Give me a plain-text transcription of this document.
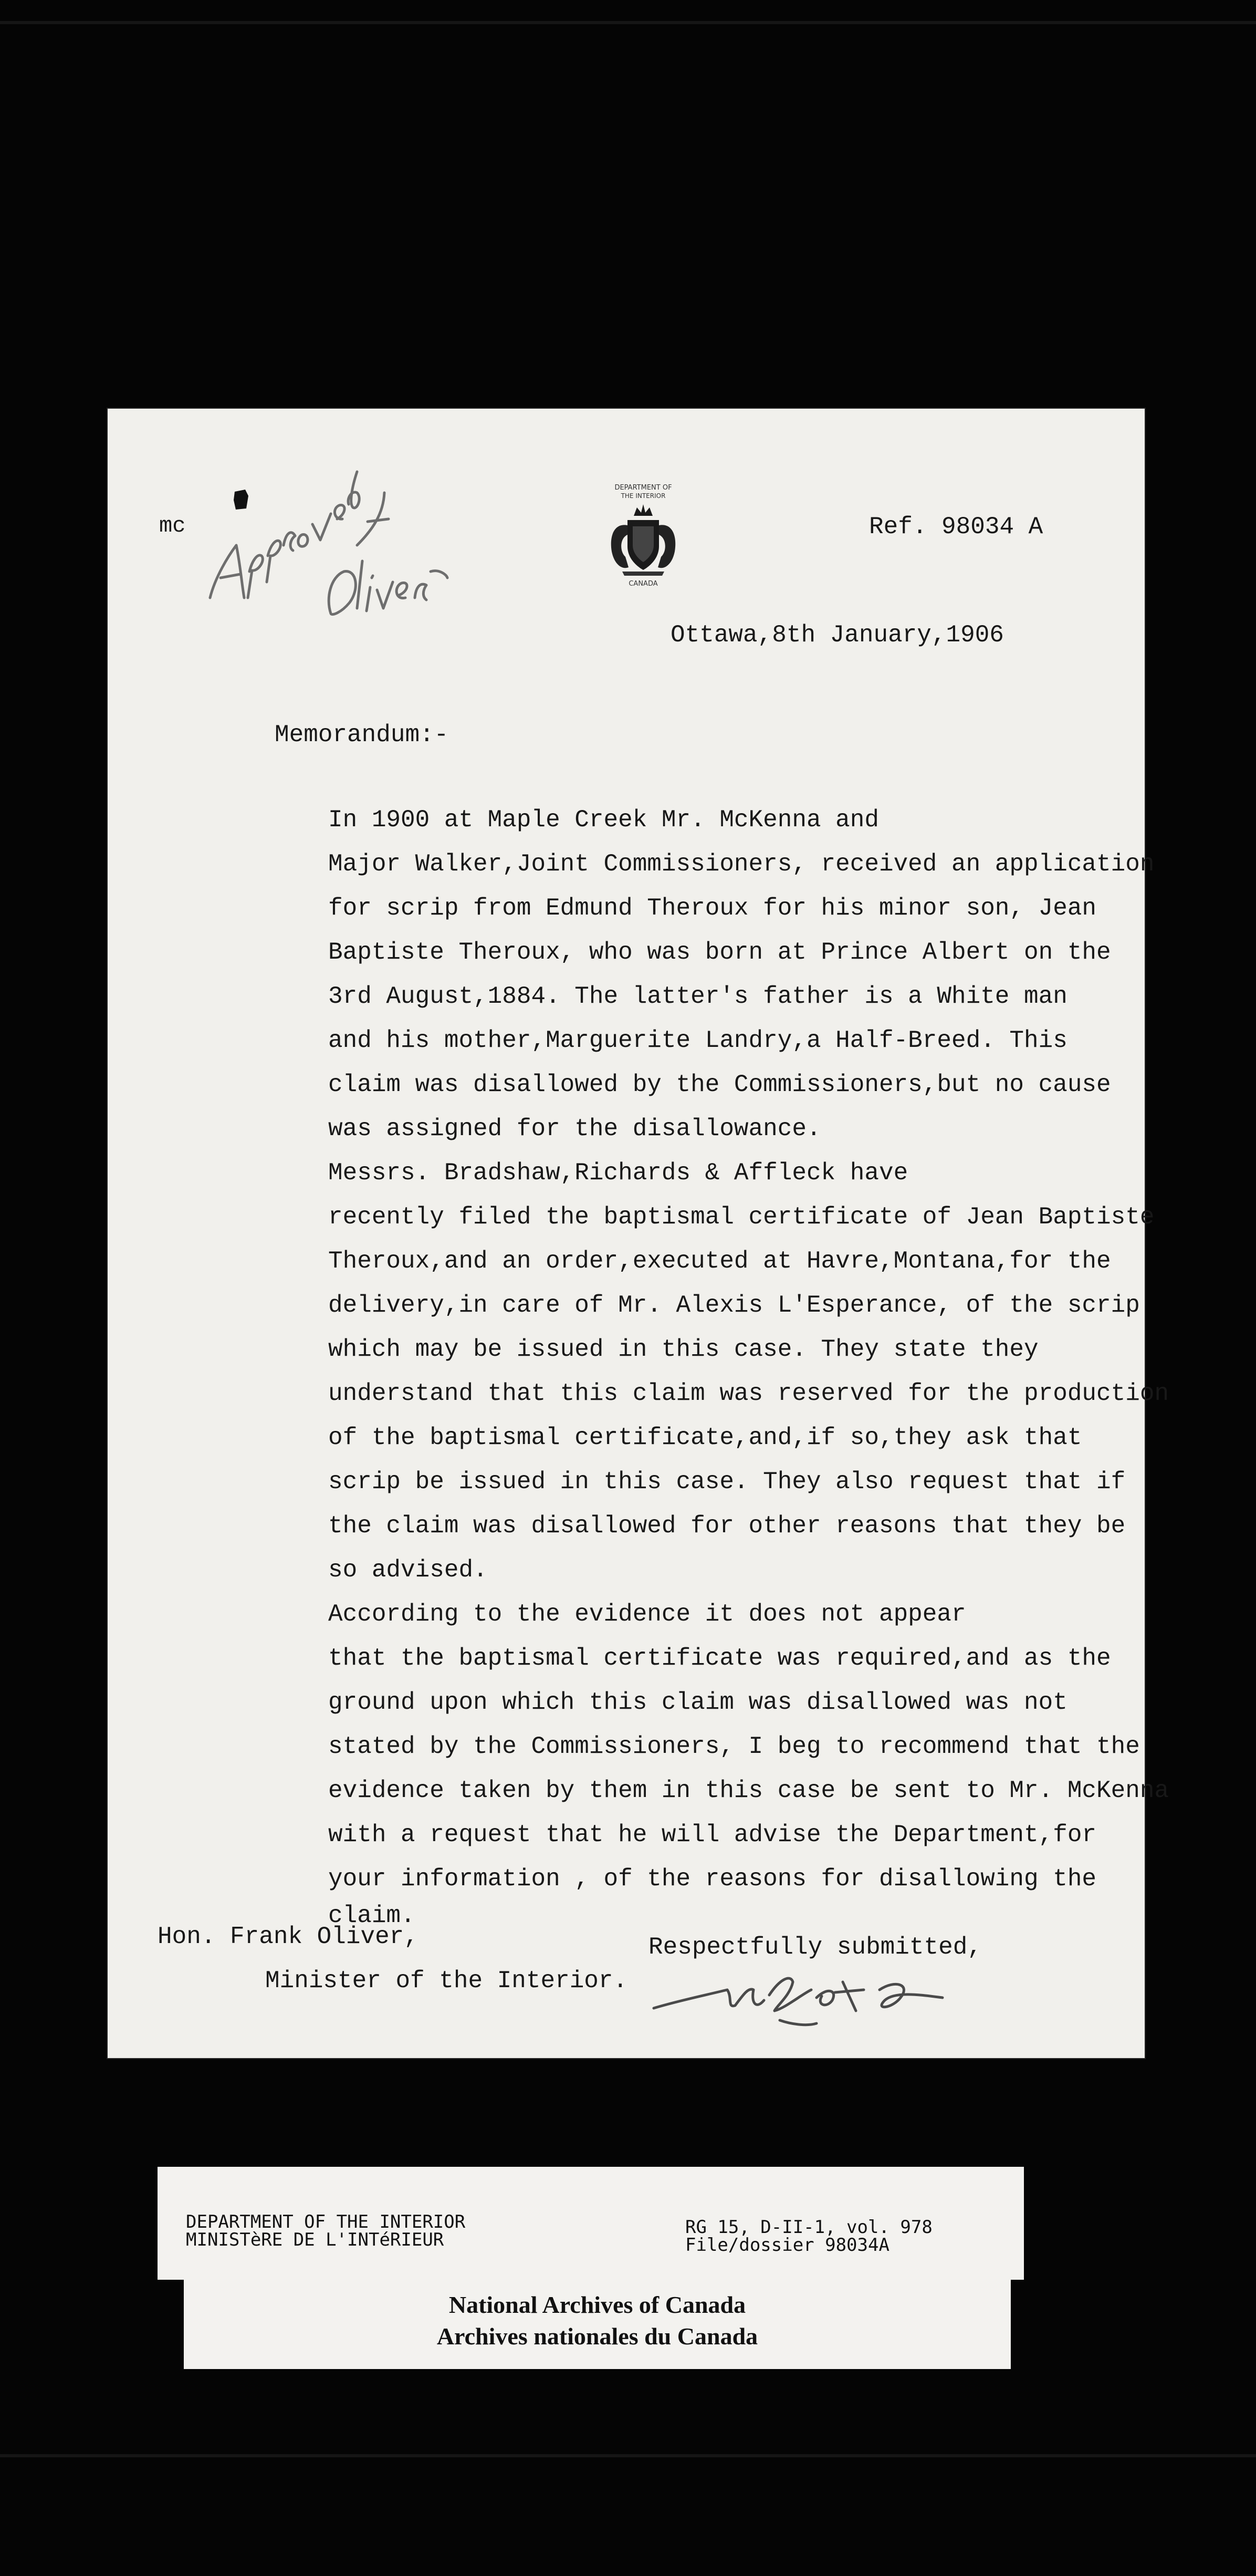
mc
DEPARTMENT OF
THE INTERIOR
CANADA
Ref. 98034 A
Ottawa,8th January,1906
Memorandum:-
In 1900 at Maple Creek Mr. McKenna and
Major Walker,Joint Commissioners, received an application
for scrip from Edmund Theroux for his minor son, Jean
Baptiste Theroux, who was born at Prince Albert on the
3rd August,1884. The latter's father is a White man
and his mother,Marguerite Landry,a Half-Breed. This
claim was disallowed by the Commissioners,but no cause
was assigned for the disallowance.
Messrs. Bradshaw,Richards & Affleck have
recently filed the baptismal certificate of Jean Baptiste
Theroux,and an order,executed at Havre,Montana,for the
delivery,in care of Mr. Alexis L'Esperance, of the scrip
which may be issued in this case. They state they
understand that this claim was reserved for the production
of the baptismal certificate,and,if so,they ask that
scrip be issued in this case. They also request that if
the claim was disallowed for other reasons that they be
so advised.
According to the evidence it does not appear
that the baptismal certificate was required,and as the
ground upon which this claim was disallowed was not
stated by the Commissioners, I beg to recommend that the
evidence taken by them in this case be sent to Mr. McKenna
with a request that he will advise the Department,for
your information , of the reasons for disallowing the
claim.
Hon. Frank Oliver,
Minister of the Interior.
Respectfully submitted,
DEPARTMENT OF THE INTERIOR
MINISTèRE DE L'INTéRIEUR
RG 15, D-II-1, vol. 978
File/dossier 98034A
National Archives of Canada
Archives nationales du Canada
